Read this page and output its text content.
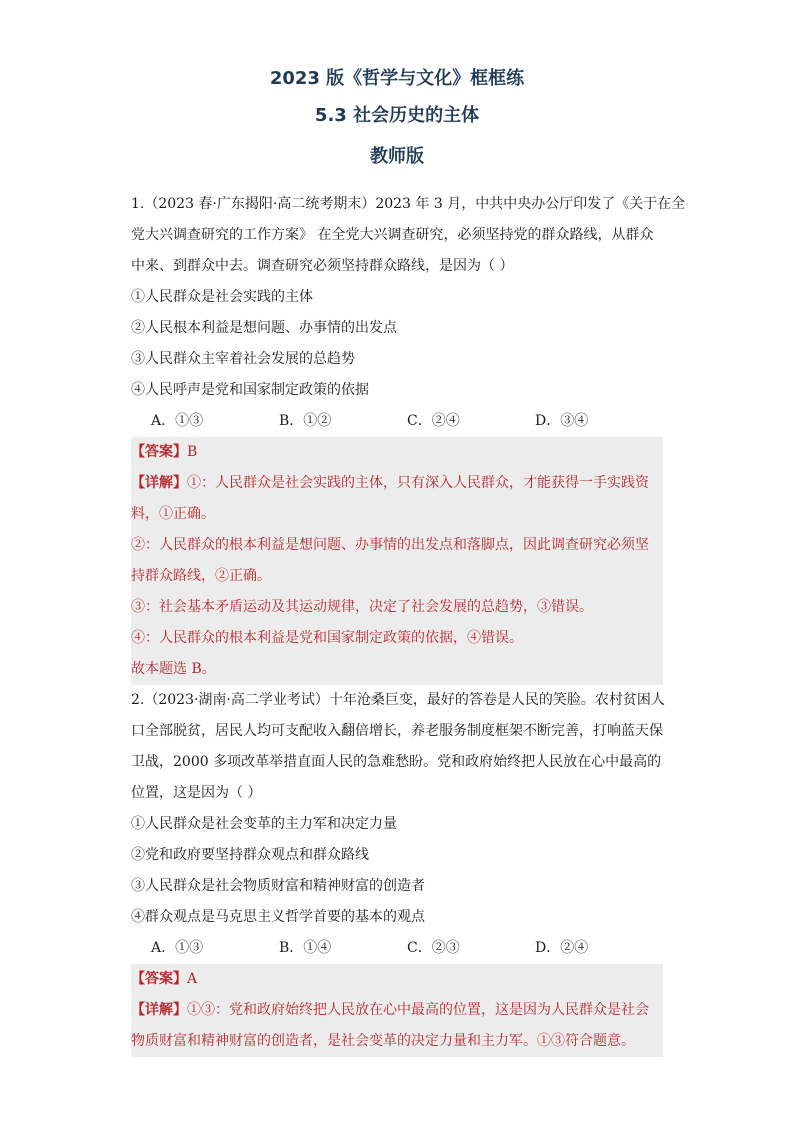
2023 版《哲学与文化》框框练
5.3 社会历史的主体
教师版
1.（2023 春·广东揭阳·高二统考期末）2023 年 3 月，中共中央办公厅印发了《关于在全
党大兴调查研究的工作方案》 在全党大兴调查研究，必须坚持党的群众路线，从群众
中来、到群众中去。调查研究必须坚持群众路线，是因为（ ）
①人民群众是社会实践的主体
②人民根本利益是想问题、办事情的出发点
③人民群众主宰着社会发展的总趋势
④人民呼声是党和国家制定政策的依据
A．①③	B．①②	C．②④	D．③④
【答案】B
【详解】①：人民群众是社会实践的主体，只有深入人民群众，才能获得一手实践资
料，①正确。
②：人民群众的根本利益是想问题、办事情的出发点和落脚点，因此调查研究必须坚
持群众路线，②正确。
③：社会基本矛盾运动及其运动规律，决定了社会发展的总趋势，③错误。
④：人民群众的根本利益是党和国家制定政策的依据，④错误。
故本题选 B。
2.（2023·湖南·高二学业考试）十年沧桑巨变，最好的答卷是人民的笑脸。农村贫困人
口全部脱贫，居民人均可支配收入翻倍增长，养老服务制度框架不断完善，打响蓝天保
卫战，2000 多项改革举措直面人民的急难愁盼。党和政府始终把人民放在心中最高的
位置，这是因为（ ）
①人民群众是社会变革的主力军和决定力量
②党和政府要坚持群众观点和群众路线
③人民群众是社会物质财富和精神财富的创造者
④群众观点是马克思主义哲学首要的基本的观点
A．①③	B．①④	C．②③	D．②④
【答案】A
【详解】①③：党和政府始终把人民放在心中最高的位置，这是因为人民群众是社会
物质财富和精神财富的创造者，是社会变革的决定力量和主力军。①③符合题意。
